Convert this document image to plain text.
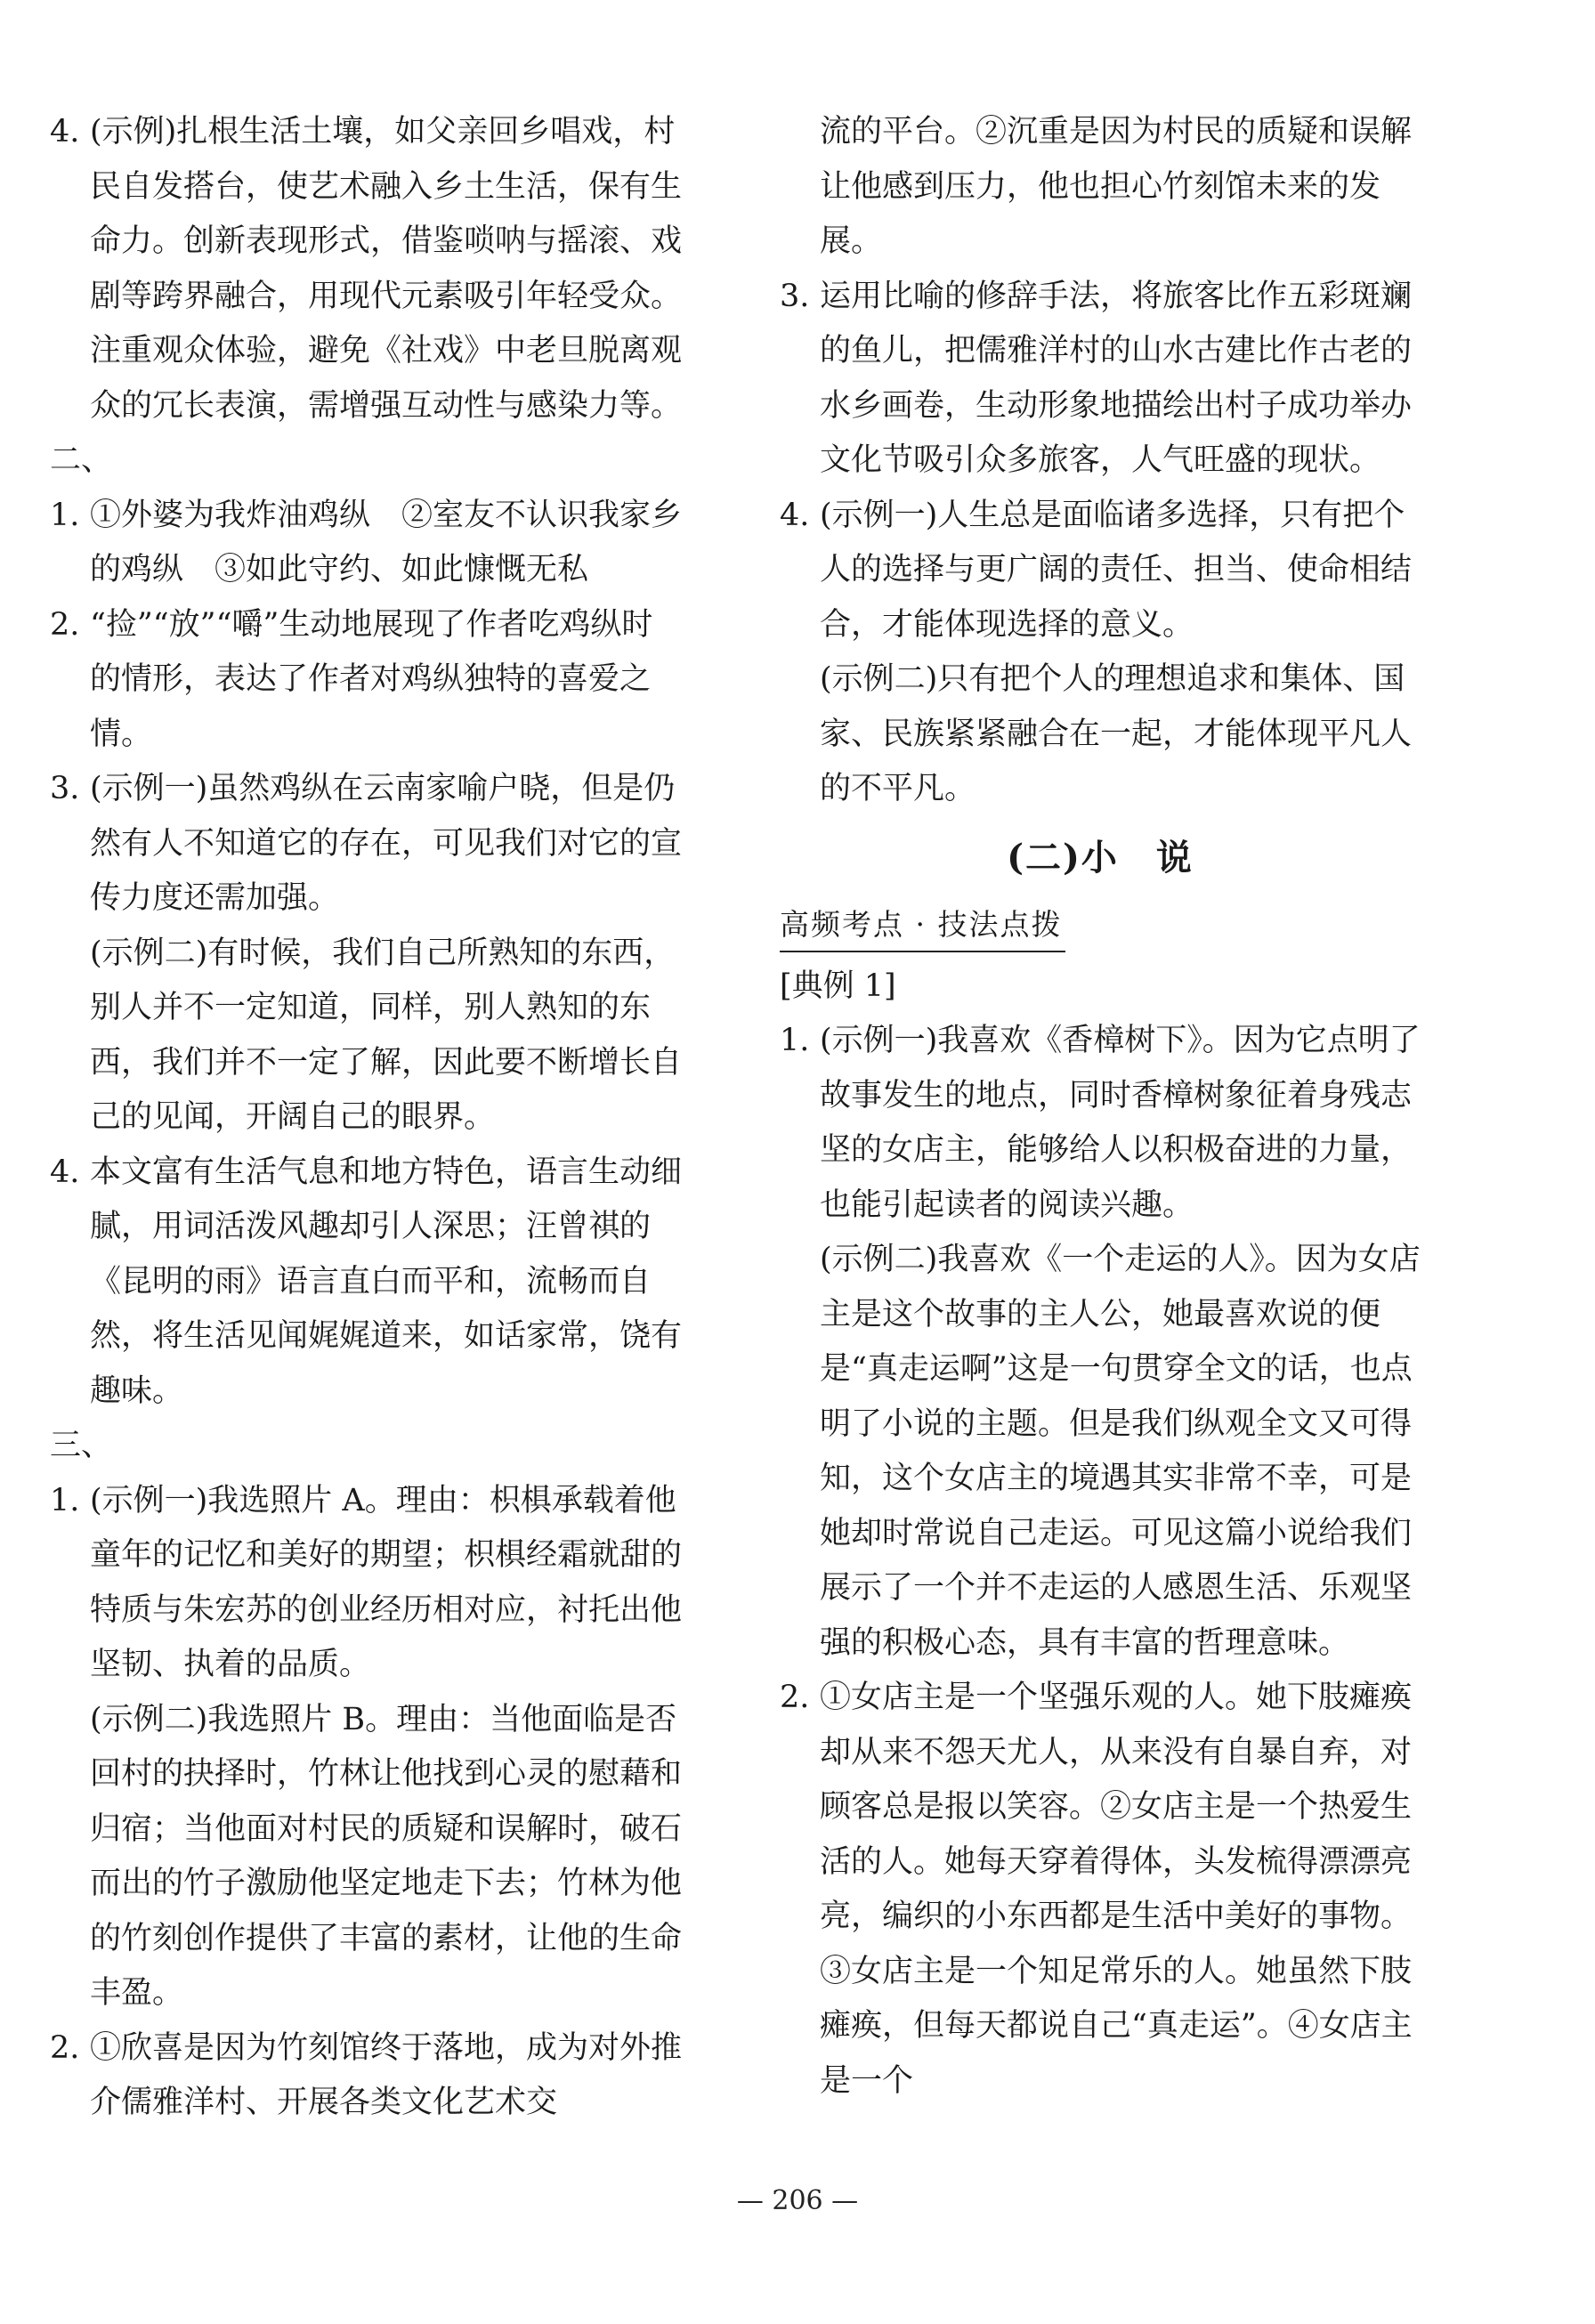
4. (示例)扎根生活土壤，如父亲回乡唱戏，村民自发搭台，使艺术融入乡土生活，保有生命力。创新表现形式，借鉴唢呐与摇滚、戏剧等跨界融合，用现代元素吸引年轻受众。注重观众体验，避免《社戏》中老旦脱离观众的冗长表演，需增强互动性与感染力等。
二、
1. ①外婆为我炸油鸡纵　②室友不认识我家乡的鸡纵　③如此守约、如此慷慨无私
2. “捡”“放”“嚼”生动地展现了作者吃鸡纵时的情形，表达了作者对鸡纵独特的喜爱之情。
3. (示例一)虽然鸡纵在云南家喻户晓，但是仍然有人不知道它的存在，可见我们对它的宣传力度还需加强。
(示例二)有时候，我们自己所熟知的东西，别人并不一定知道，同样，别人熟知的东西，我们并不一定了解，因此要不断增长自己的见闻，开阔自己的眼界。
4. 本文富有生活气息和地方特色，语言生动细腻，用词活泼风趣却引人深思；汪曾祺的《昆明的雨》语言直白而平和，流畅而自然，将生活见闻娓娓道来，如话家常，饶有趣味。
三、
1. (示例一)我选照片 A。理由：枳椇承载着他童年的记忆和美好的期望；枳椇经霜就甜的特质与朱宏苏的创业经历相对应，衬托出他坚韧、执着的品质。
(示例二)我选照片 B。理由：当他面临是否回村的抉择时，竹林让他找到心灵的慰藉和归宿；当他面对村民的质疑和误解时，破石而出的竹子激励他坚定地走下去；竹林为他的竹刻创作提供了丰富的素材，让他的生命丰盈。
2. ①欣喜是因为竹刻馆终于落地，成为对外推介儒雅洋村、开展各类文化艺术交
流的平台。②沉重是因为村民的质疑和误解让他感到压力，他也担心竹刻馆未来的发展。
3. 运用比喻的修辞手法，将旅客比作五彩斑斓的鱼儿，把儒雅洋村的山水古建比作古老的水乡画卷，生动形象地描绘出村子成功举办文化节吸引众多旅客，人气旺盛的现状。
4. (示例一)人生总是面临诸多选择，只有把个人的选择与更广阔的责任、担当、使命相结合，才能体现选择的意义。
(示例二)只有把个人的理想追求和集体、国家、民族紧紧融合在一起，才能体现平凡人的不平凡。
(二)小　说
高频考点 · 技法点拨
[典例 1]
1. (示例一)我喜欢《香樟树下》。因为它点明了故事发生的地点，同时香樟树象征着身残志坚的女店主，能够给人以积极奋进的力量，也能引起读者的阅读兴趣。
(示例二)我喜欢《一个走运的人》。因为女店主是这个故事的主人公，她最喜欢说的便是“真走运啊”这是一句贯穿全文的话，也点明了小说的主题。但是我们纵观全文又可得知，这个女店主的境遇其实非常不幸，可是她却时常说自己走运。可见这篇小说给我们展示了一个并不走运的人感恩生活、乐观坚强的积极心态，具有丰富的哲理意味。
2. ①女店主是一个坚强乐观的人。她下肢瘫痪却从来不怨天尤人，从来没有自暴自弃，对顾客总是报以笑容。②女店主是一个热爱生活的人。她每天穿着得体，头发梳得漂漂亮亮，编织的小东西都是生活中美好的事物。③女店主是一个知足常乐的人。她虽然下肢瘫痪，但每天都说自己“真走运”。④女店主是一个
— 206 —
